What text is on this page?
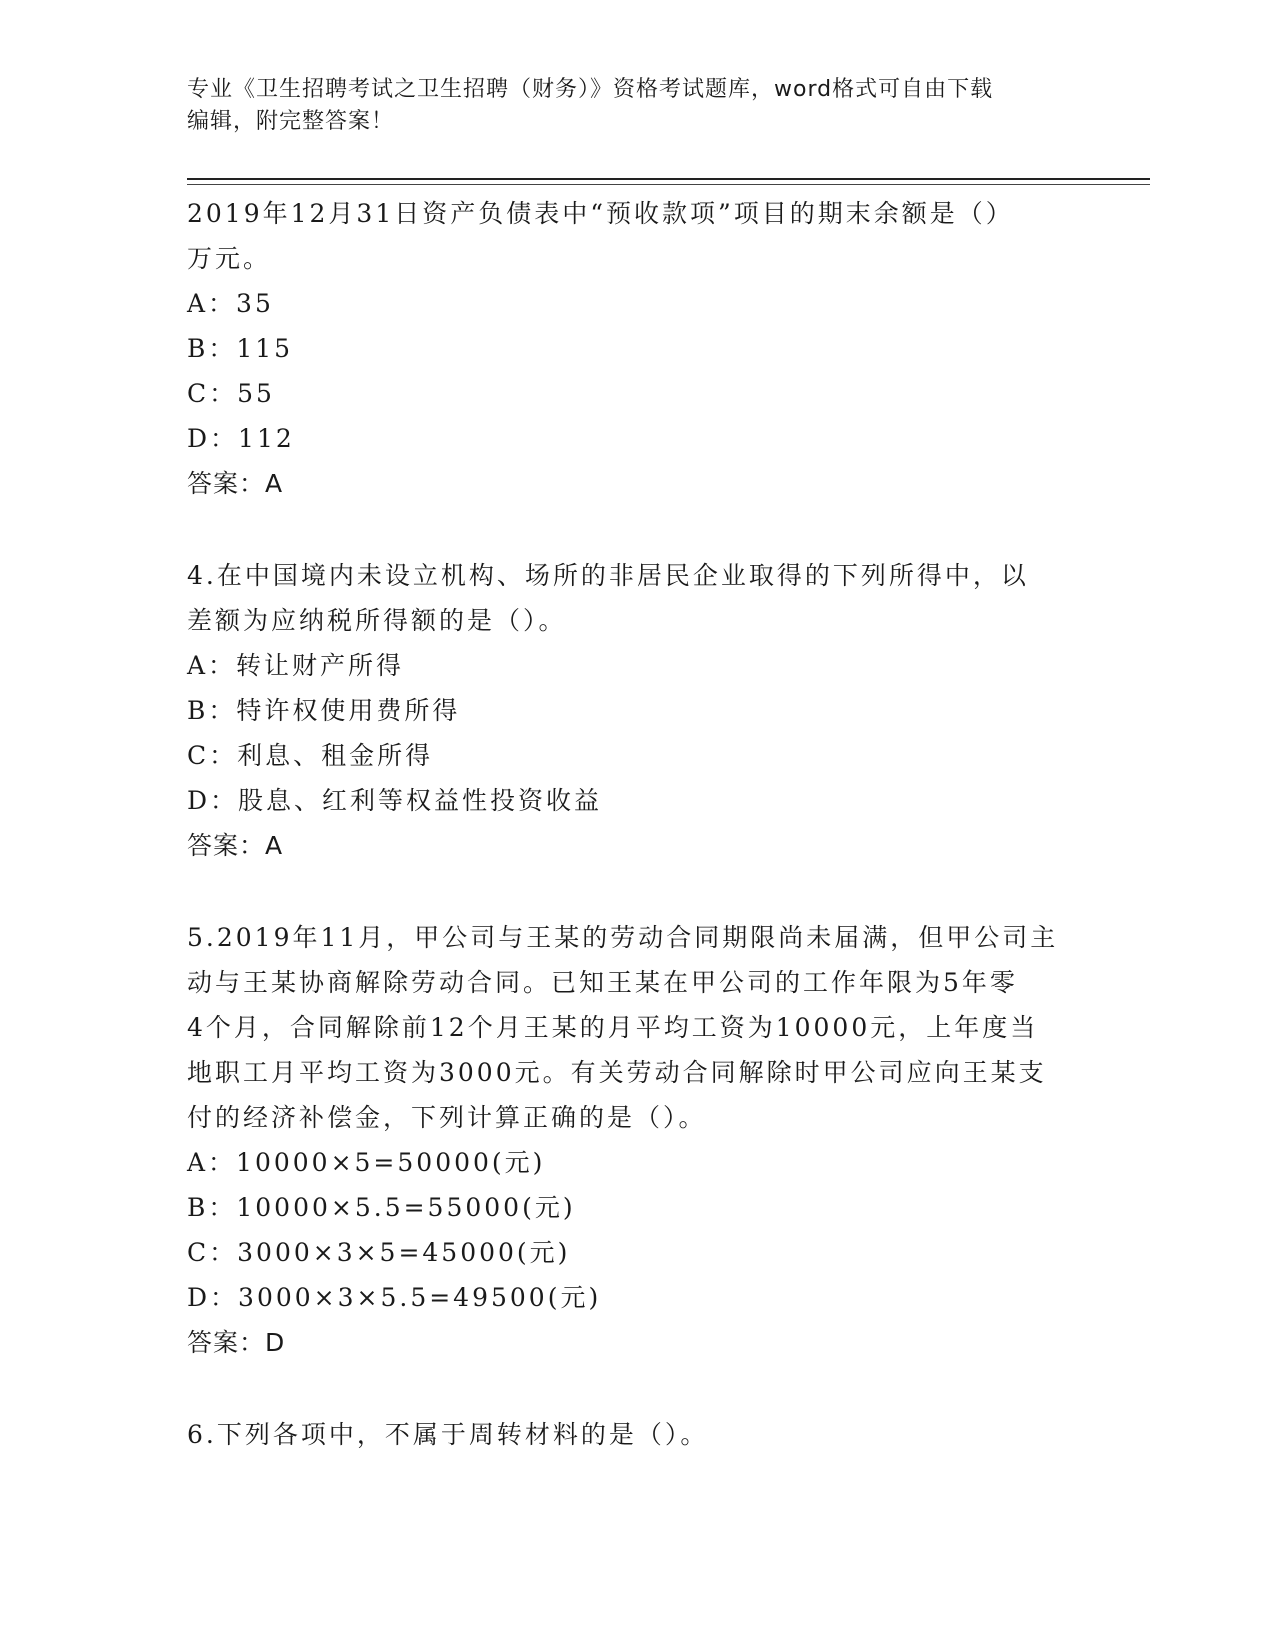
专业《卫生招聘考试之卫生招聘（财务）》资格考试题库，word格式可自由下载
编辑，附完整答案！
2019年12月31日资产负债表中“预收款项”项目的期末余额是（）
万元。
A：35
B：115
C：55
D：112
答案：A
4.在中国境内未设立机构、场所的非居民企业取得的下列所得中，以
差额为应纳税所得额的是（）。
A：转让财产所得
B：特许权使用费所得
C：利息、租金所得
D：股息、红利等权益性投资收益
答案：A
5.2019年11月，甲公司与王某的劳动合同期限尚未届满，但甲公司主
动与王某协商解除劳动合同。已知王某在甲公司的工作年限为5年零
4个月，合同解除前12个月王某的月平均工资为10000元，上年度当
地职工月平均工资为3000元。有关劳动合同解除时甲公司应向王某支
付的经济补偿金，下列计算正确的是（）。
A：10000×5=50000(元)
B：10000×5.5=55000(元)
C：3000×3×5=45000(元)
D：3000×3×5.5=49500(元)
答案：D
6.下列各项中，不属于周转材料的是（）。
